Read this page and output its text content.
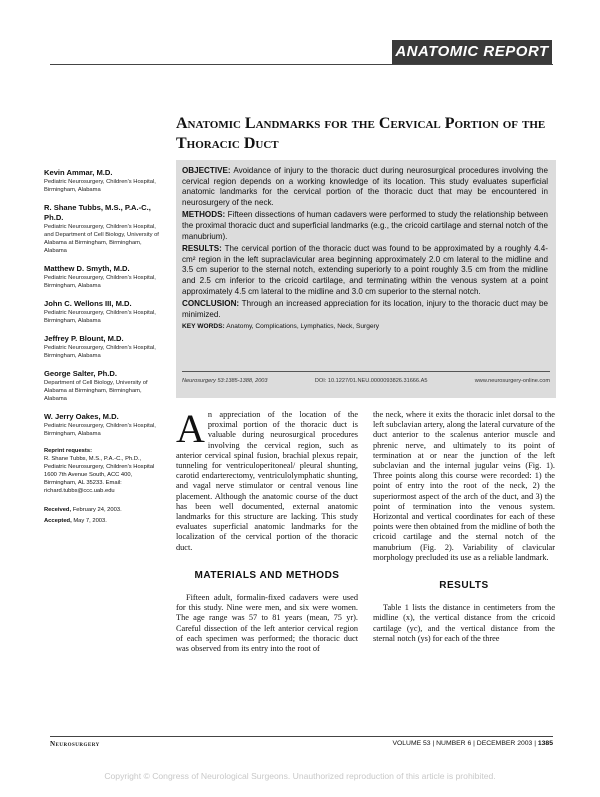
ANATOMIC REPORT
Anatomic Landmarks for the Cervical Portion of the Thoracic Duct
Kevin Ammar, M.D.
Pediatric Neurosurgery, Children's Hospital, Birmingham, Alabama
R. Shane Tubbs, M.S., P.A.-C., Ph.D.
Pediatric Neurosurgery, Children's Hospital, and Department of Cell Biology, University of Alabama at Birmingham, Birmingham, Alabama
Matthew D. Smyth, M.D.
Pediatric Neurosurgery, Children's Hospital, Birmingham, Alabama
John C. Wellons III, M.D.
Pediatric Neurosurgery, Children's Hospital, Birmingham, Alabama
Jeffrey P. Blount, M.D.
Pediatric Neurosurgery, Children's Hospital, Birmingham, Alabama
George Salter, Ph.D.
Department of Cell Biology, University of Alabama at Birmingham, Birmingham, Alabama
W. Jerry Oakes, M.D.
Pediatric Neurosurgery, Children's Hospital, Birmingham, Alabama
Reprint requests:
R. Shane Tubbs, M.S., P.A.-C., Ph.D., Pediatric Neurosurgery, Children's Hospital 1600 7th Avenue South, ACC 400, Birmingham, AL 35233. Email: richard.tubbs@ccc.uab.edu
Received, February 24, 2003.
Accepted, May 7, 2003.

OBJECTIVE: Avoidance of injury to the thoracic duct during neurosurgical procedures involving the cervical region depends on a working knowledge of its location. This study evaluates superficial anatomic landmarks for the cervical portion of the thoracic duct that may be encountered in neurosurgery of the neck.

METHODS: Fifteen dissections of human cadavers were performed to study the relationship between the proximal thoracic duct and superficial landmarks (e.g., the cricoid cartilage and sternal notch of the manubrium).

RESULTS: The cervical portion of the thoracic duct was found to be approximated by a roughly 4.4-cm² region in the left supraclavicular area beginning approximately 2.0 cm lateral to the midline and 3.5 cm superior to the sternal notch, extending superiorly to a point roughly 3.5 cm from the midline and 2.5 cm inferior to the cricoid cartilage, and terminating within the venous system at a point approximately 4.5 cm lateral to the midline and 3.0 cm superior to the sternal notch.

CONCLUSION: Through an increased appreciation for its location, injury to the thoracic duct may be minimized.

KEY WORDS: Anatomy, Complications, Lymphatics, Neck, Surgery

Neurosurgery 53:1385-1388, 2003	DOI: 10.1227/01.NEU.0000093826.31666.A5	www.neurosurgery-online.com

An appreciation of the location of the proximal portion of the thoracic duct is valuable during neurosurgical procedures involving the cervical region, such as anterior cervical spinal fusion, brachial plexus repair, tunneling for ventriculoperitoneal/ pleural shunting, carotid endarterectomy, ventriculolymphatic shunting, and vagal nerve stimulator or central venous line placement. Although the anatomic course of the duct has been well documented, external anatomic landmarks for this structure are lacking. This study evaluates superficial anatomic landmarks for the localization of the cervical portion of the thoracic duct.

MATERIALS AND METHODS

Fifteen adult, formalin-fixed cadavers were used for this study. Nine were men, and six were women. The age range was 57 to 81 years (mean, 75 yr). Careful dissection of the left anterior cervical region of each specimen was performed; the thoracic duct was observed from its entry into the root of

the neck, where it exits the thoracic inlet dorsal to the left subclavian artery, along the lateral curvature of the duct anterior to the scalenus anterior muscle and phrenic nerve, and ultimately to its point of termination at or near the junction of the left subclavian and the internal jugular veins (Fig. 1). Three points along this course were recorded: 1) the point of entry into the root of the neck, 2) the superiormost aspect of the arch of the duct, and 3) the point of termination into the venous system. Horizontal and vertical coordinates for each of these points were then obtained from the midline of both the cricoid cartilage and the sternal notch of the manubrium (Fig. 2). Variability of clavicular morphology precluded its use as a reliable landmark.

RESULTS

Table 1 lists the distance in centimeters from the midline (x), the vertical distance from the cricoid cartilage (yc), and the vertical distance from the sternal notch (ys) for each of the three

Neurosurgery	VOLUME 53 | NUMBER 6 | DECEMBER 2003 | 1385
Copyright © Congress of Neurological Surgeons. Unauthorized reproduction of this article is prohibited.
